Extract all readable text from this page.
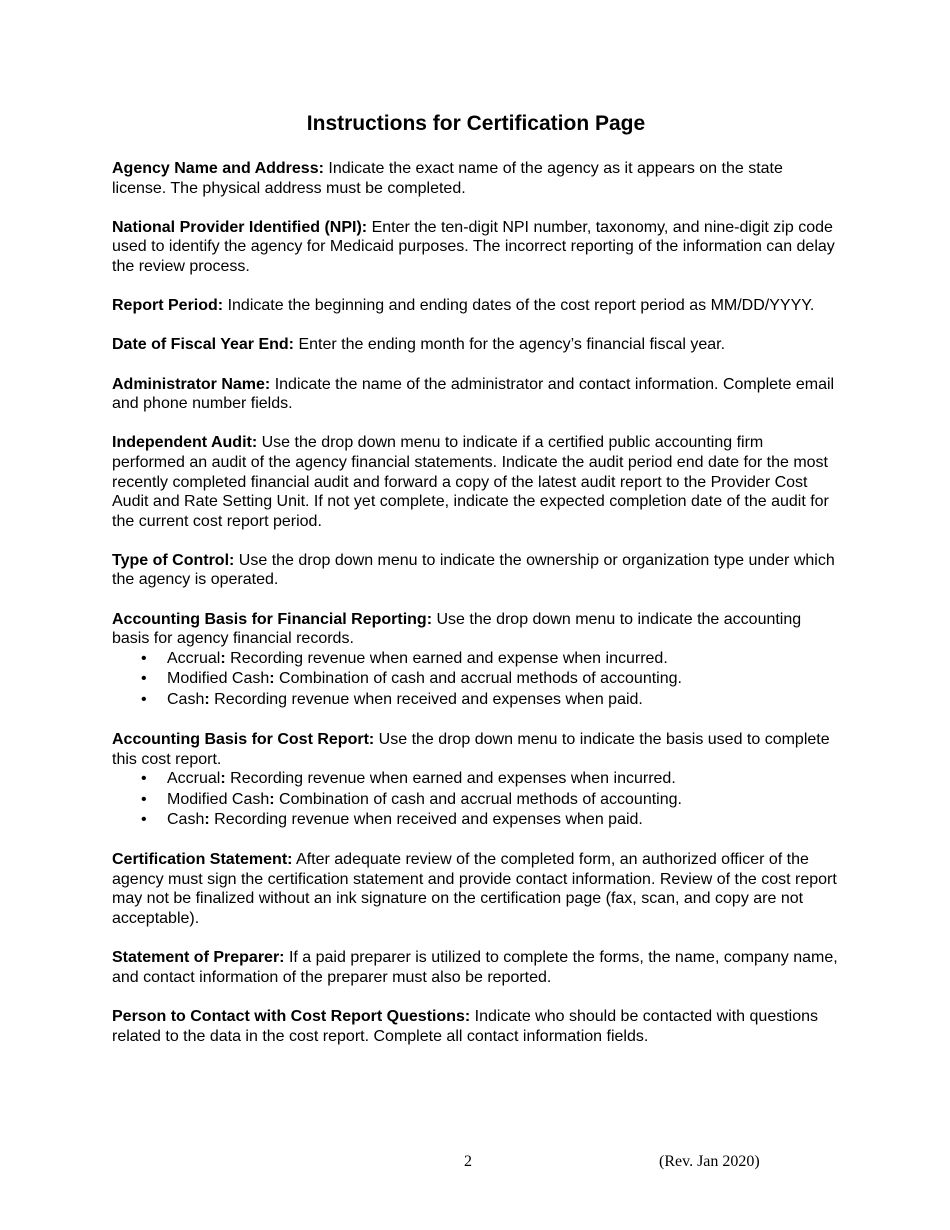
Instructions for Certification Page

Agency Name and Address: Indicate the exact name of the agency as it appears on the state license. The physical address must be completed.

National Provider Identified (NPI): Enter the ten-digit NPI number, taxonomy, and nine-digit zip code used to identify the agency for Medicaid purposes. The incorrect reporting of the information can delay the review process.

Report Period: Indicate the beginning and ending dates of the cost report period as MM/DD/YYYY.

Date of Fiscal Year End: Enter the ending month for the agency’s financial fiscal year.

Administrator Name: Indicate the name of the administrator and contact information. Complete email and phone number fields.

Independent Audit: Use the drop down menu to indicate if a certified public accounting firm performed an audit of the agency financial statements. Indicate the audit period end date for the most recently completed financial audit and forward a copy of the latest audit report to the Provider Cost Audit and Rate Setting Unit. If not yet complete, indicate the expected completion date of the audit for the current cost report period.

Type of Control: Use the drop down menu to indicate the ownership or organization type under which the agency is operated.

Accounting Basis for Financial Reporting: Use the drop down menu to indicate the accounting basis for agency financial records.

• Accrual: Recording revenue when earned and expense when incurred.
• Modified Cash: Combination of cash and accrual methods of accounting.
• Cash: Recording revenue when received and expenses when paid.

Accounting Basis for Cost Report: Use the drop down menu to indicate the basis used to complete this cost report.

• Accrual: Recording revenue when earned and expenses when incurred.
• Modified Cash: Combination of cash and accrual methods of accounting.
• Cash: Recording revenue when received and expenses when paid.

Certification Statement: After adequate review of the completed form, an authorized officer of the agency must sign the certification statement and provide contact information. Review of the cost report may not be finalized without an ink signature on the certification page (fax, scan, and copy are not acceptable).

Statement of Preparer: If a paid preparer is utilized to complete the forms, the name, company name, and contact information of the preparer must also be reported.

Person to Contact with Cost Report Questions: Indicate who should be contacted with questions related to the data in the cost report. Complete all contact information fields.

2	(Rev. Jan 2020)
